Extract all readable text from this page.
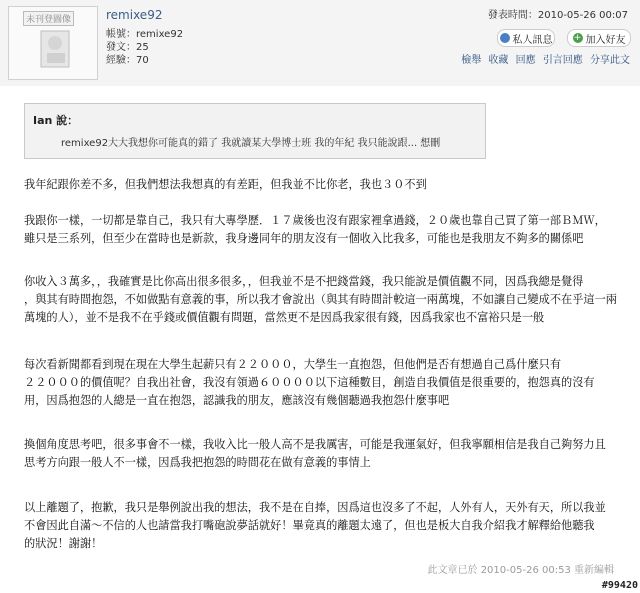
未刊登圖像	remixe92
帳號：remixe92
發文：25
經驗：70
發表時間：2010-05-26 00:07
私人訊息 + 加入好友
檢舉 收藏 回應 引言回應 分享此文
Ian 說：
remixe92大大我想你可能真的錯了 我就讀某大學博士班 我的年紀 我只能說跟... 想刪
我年紀跟你差不多，但我們想法我想真的有差距，但我並不比你老，我也３０不到
我跟你一樣，一切都是靠自己，我只有大專學歷．１７歲後也沒有跟家裡拿過錢，２０歲也靠自己買了第一部ＢＭＷ，
雖只是三系列，但至少在當時也是新款，我身邊同年的朋友沒有一個收入比我多，可能也是我朋友不夠多的關係吧
你收入３萬多，，我確實是比你高出很多很多，，但我並不是不把錢當錢，我只能說是價值觀不同，因爲我總是覺得
，與其有時間抱怨，不如做點有意義的事，所以我才會說出（與其有時間計較這一兩萬塊，不如讓自己變成不在乎這一兩
萬塊的人），並不是我不在乎錢或價值觀有問題，當然更不是因爲我家很有錢，因爲我家也不富裕只是一般
每次看新聞都看到現在現在大學生起薪只有２２０００，大學生一直抱怨，但他們是否有想過自己爲什麼只有
２２０００的價值呢？自我出社會，我沒有領過６００００以下這種數目，創造自我價值是很重要的，抱怨真的沒有
用，因爲抱怨的人總是一直在抱怨，認識我的朋友，應該沒有幾個聽過我抱怨什麼事吧
換個角度思考吧，很多事會不一樣，我收入比一般人高不是我厲害，可能是我運氣好，但我寧願相信是我自己夠努力且
思考方向跟一般人不一樣，因爲我把抱怨的時間花在做有意義的事情上
以上離題了，抱歉，我只是舉例說出我的想法，我不是在自捧，因爲這也沒多了不起，人外有人，天外有天，所以我並
不會因此自滿～不信的人也請當我打嘴砲說夢話就好！畢竟真的離題太遠了，但也是板大自我介紹我才解釋給他聽我
的狀況！謝謝！
此文章已於 2010-05-26 00:53 重新編輯
#99420
